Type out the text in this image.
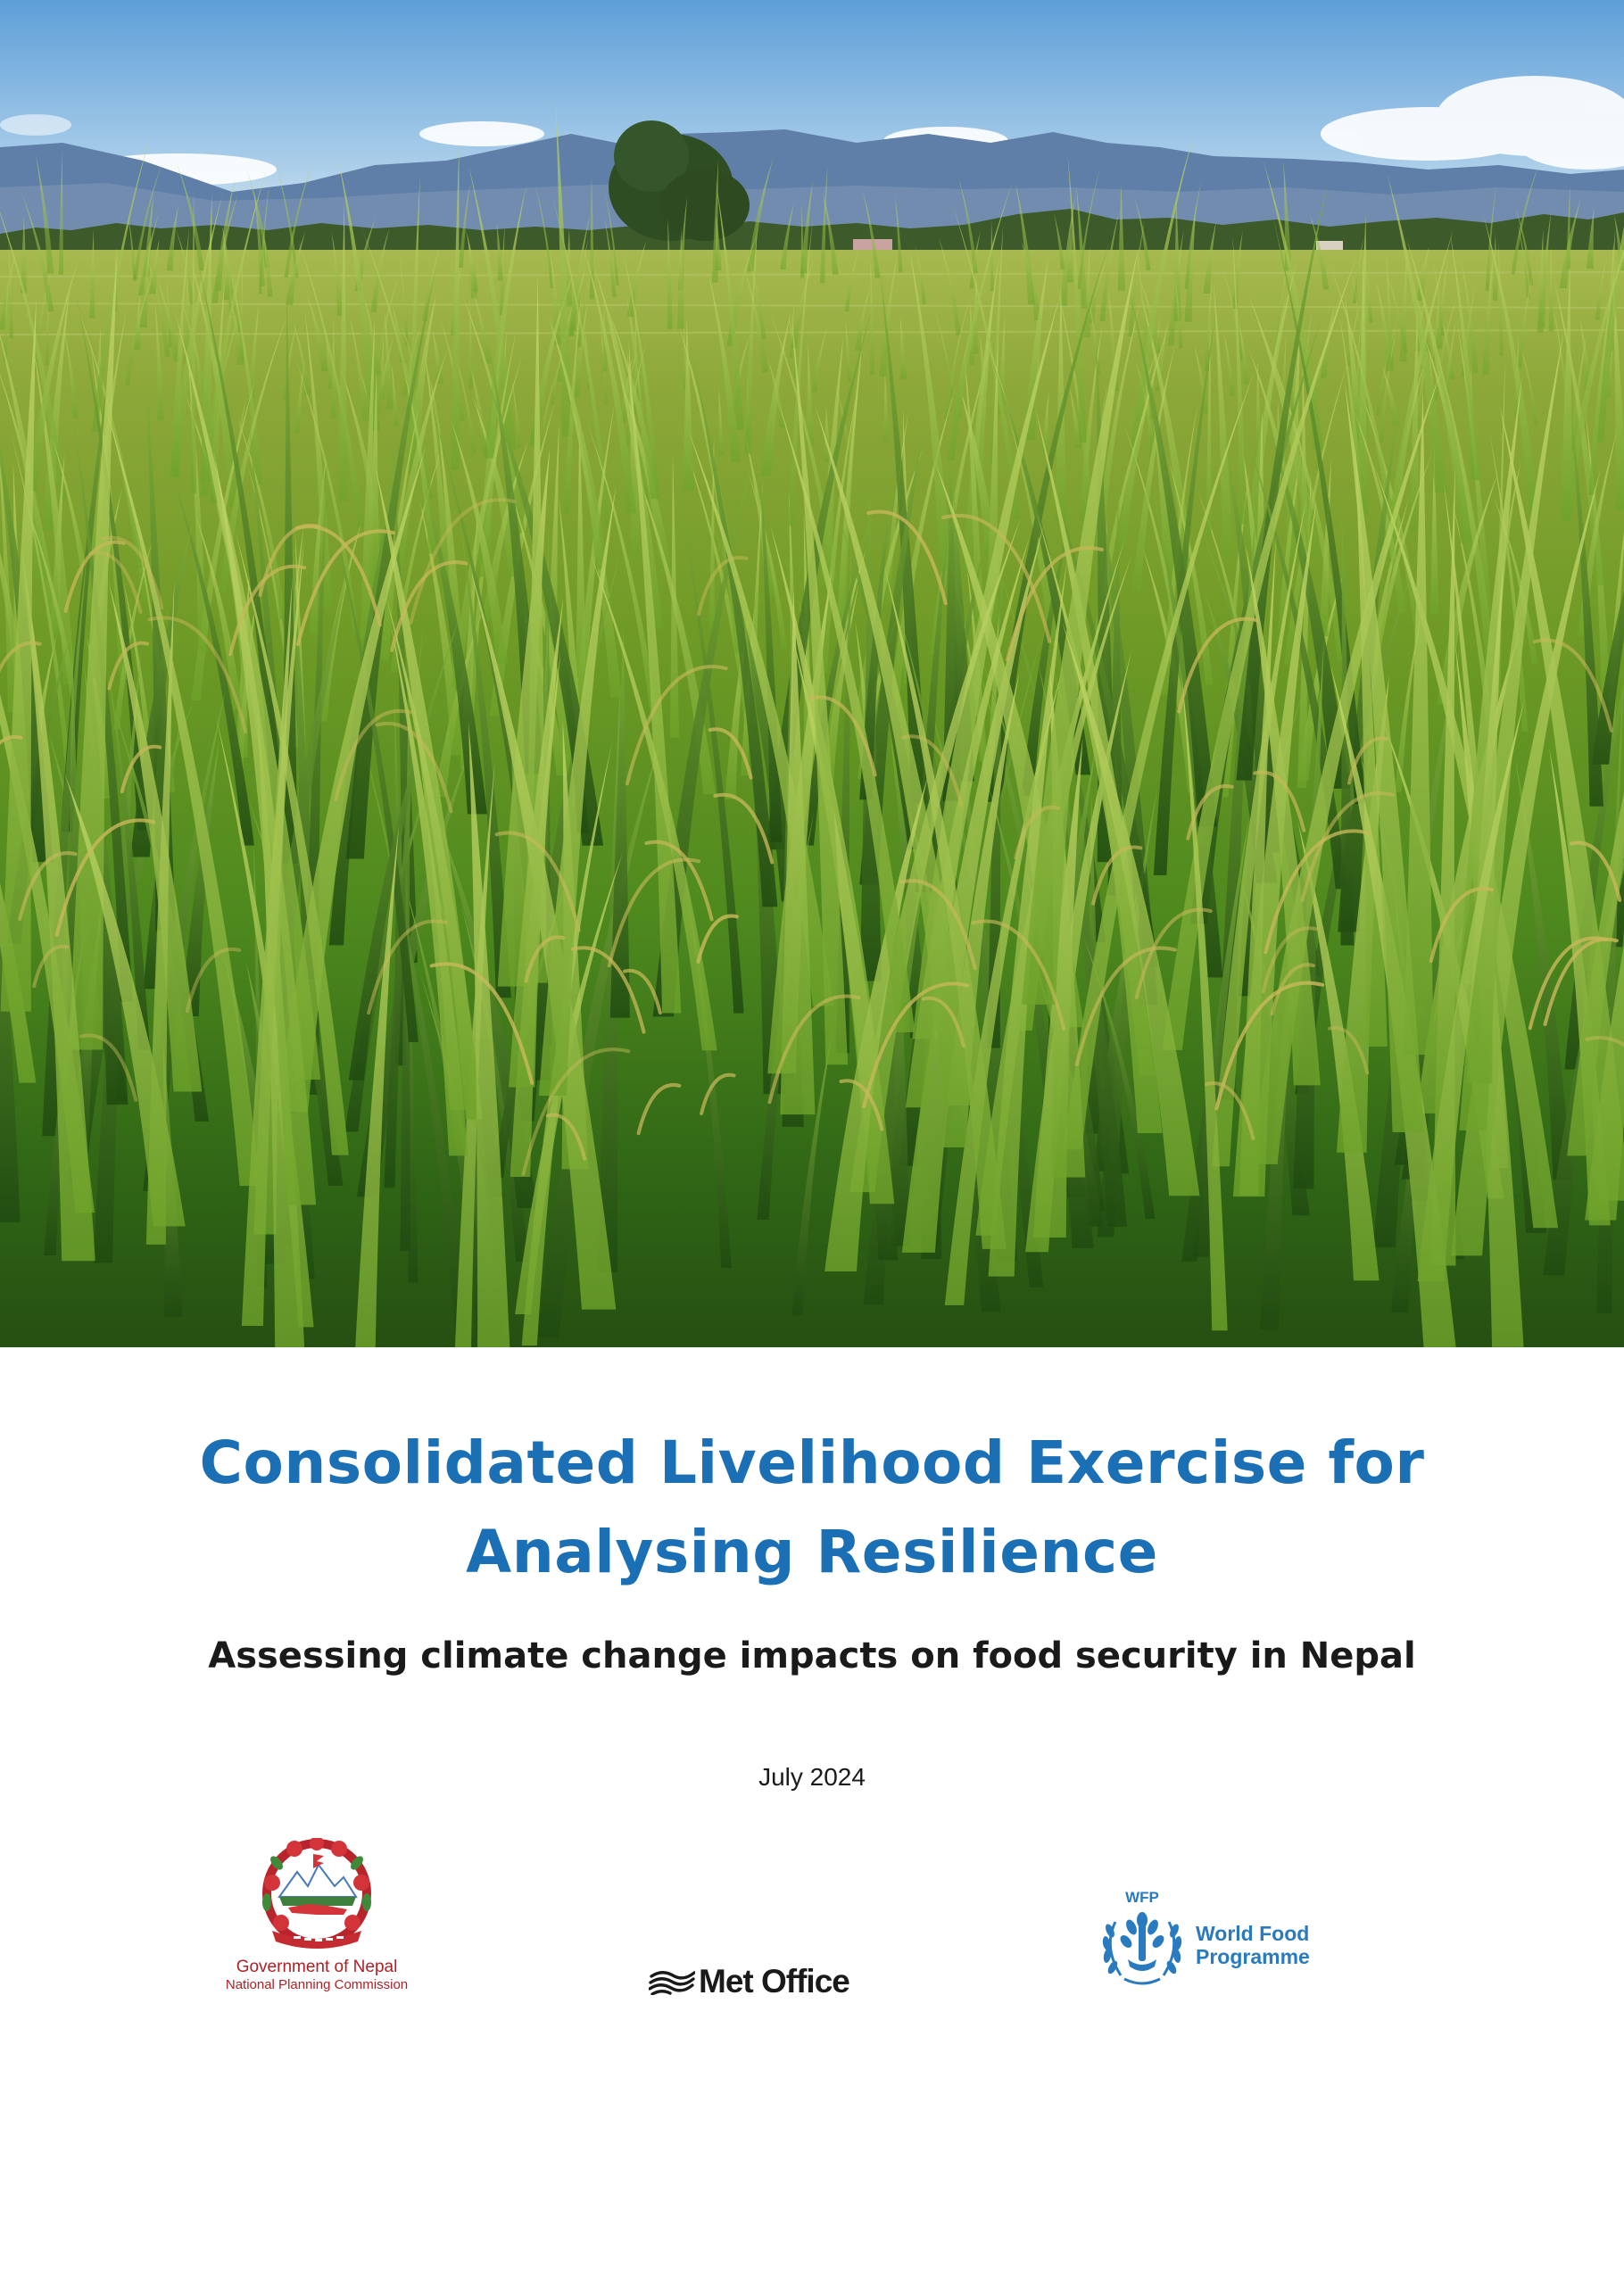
Consolidated Livelihood Exercise for
Analysing Resilience
Assessing climate change impacts on food security in Nepal
July 2024
Government of Nepal
National Planning Commission	Met Office
WFP
World Food
Programme
